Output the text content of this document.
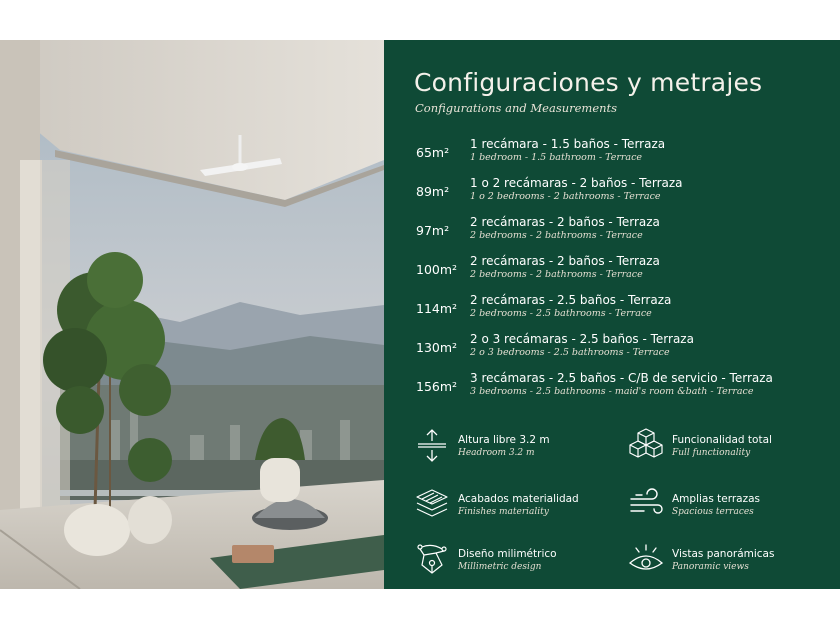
Configuraciones y metrajes
Configurations and Measurements
65m²
1 recámara - 1.5 baños - Terraza
1 bedroom - 1.5 bathroom - Terrace
89m²
1 o 2 recámaras - 2 baños - Terraza
1 o 2 bedrooms - 2 bathrooms - Terrace
97m²
2 recámaras - 2 baños - Terraza
2 bedrooms - 2 bathrooms - Terrace
100m²
2 recámaras - 2 baños - Terraza
2 bedrooms - 2 bathrooms - Terrace
114m²
2 recámaras - 2.5 baños - Terraza
2 bedrooms - 2.5 bathrooms - Terrace
130m²
2 o 3 recámaras - 2.5 baños - Terraza
2 o 3 bedrooms - 2.5 bathrooms - Terrace
156m²
3 recámaras - 2.5 baños - C/B de servicio - Terraza
3 bedrooms - 2.5 bathrooms - maid's room &bath - Terrace
Altura libre 3.2 m
Headroom 3.2 m
Funcionalidad total
Full functionality
Acabados materialidad
Finishes materiality
Amplias terrazas
Spacious terraces
Diseño milimétrico
Millimetric design
Vistas panorámicas
Panoramic views
